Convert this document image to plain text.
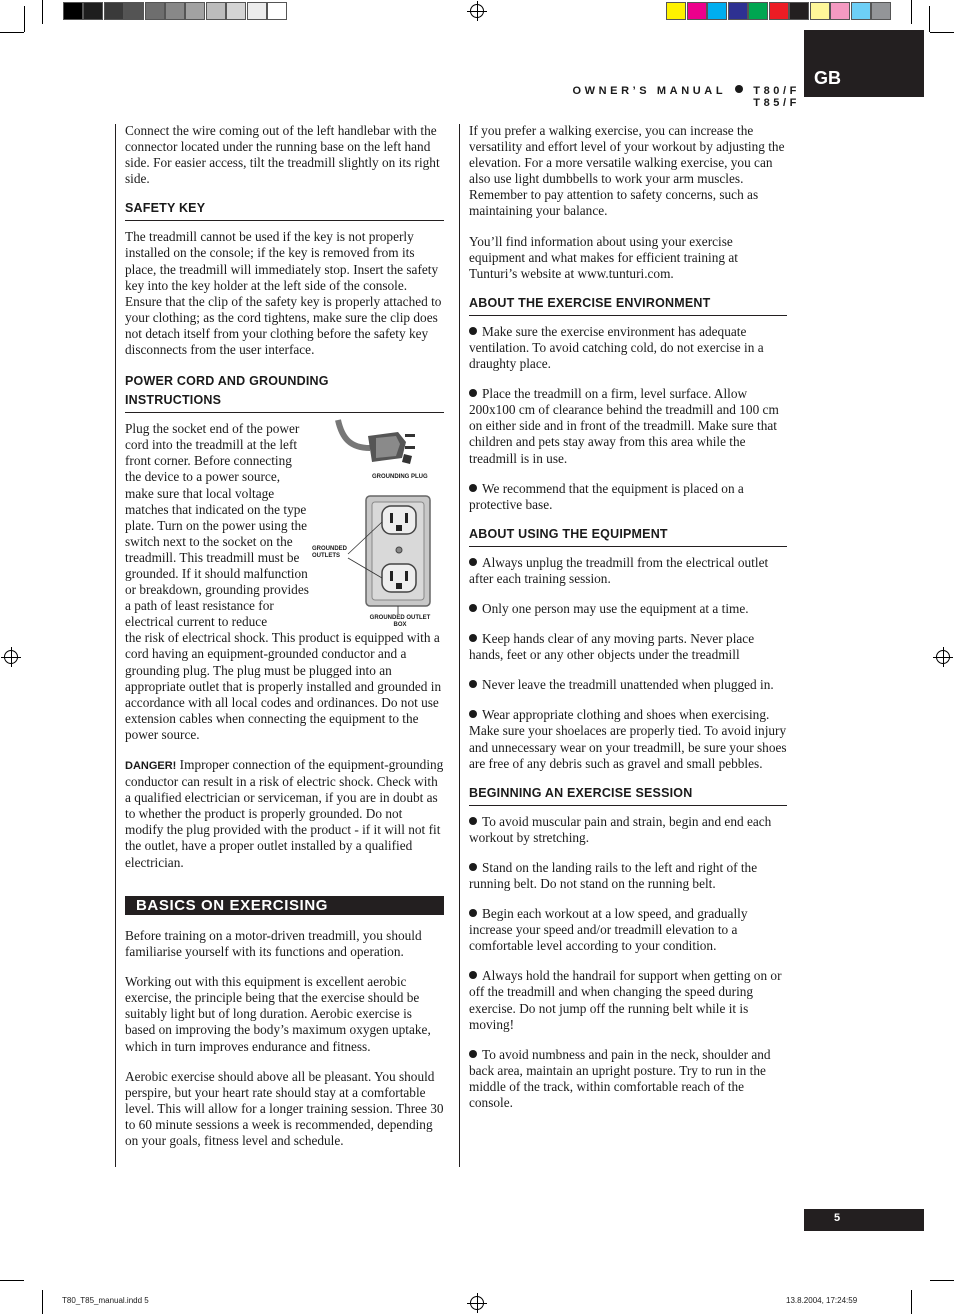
OWNER’S MANUAL T80/F T85/F
GB

Connect the wire coming out of the left handlebar with the connector located under the running base on the left hand side. For easier access, tilt the treadmill slightly on its right side.

SAFETY KEY

The treadmill cannot be used if the key is not properly installed on the console; if the key is removed from its place, the treadmill will immediately stop. Insert the safety key into the key holder at the left side of the console. Ensure that the clip of the safety key is properly attached to your clothing; as the cord tightens, make sure the clip does not detach itself from your clothing before the safety key disconnects from the user interface.

POWER CORD AND GROUNDING
INSTRUCTIONS

Plug the socket end of the power cord into the treadmill at the left front corner. Before connecting the device to a power source, make sure that local voltage matches that indicated on the type plate. Turn on the power using the switch next to the socket on the treadmill. This treadmill must be grounded. If it should malfunction or breakdown, grounding provides a path of least resistance for electrical current to reduce

the risk of electrical shock. This product is equipped with a cord having an equipment-grounded conductor and a grounding plug. The plug must be plugged into an appropriate outlet that is properly installed and grounded in accordance with all local codes and ordinances. Do not use extension cables when connecting the equipment to the power source.

DANGER! Improper connection of the equipment-grounding conductor can result in a risk of electric shock. Check with a qualified electrician or serviceman, if you are in doubt as to whether the product is properly grounded. Do not modify the plug provided with the product - if it will not fit the outlet, have a proper outlet installed by a qualified electrician.

GROUNDING PLUG
GROUNDED OUTLETS
GROUNDED OUTLET BOX
BASICS ON EXERCISING

Before training on a motor-driven treadmill, you should familiarise yourself with its functions and operation.

Working out with this equipment is excellent aerobic exercise, the principle being that the exercise should be suitably light but of long duration. Aerobic exercise is based on improving the body’s maximum oxygen uptake, which in turn improves endurance and fitness.

Aerobic exercise should above all be pleasant. You should perspire, but your heart rate should stay at a comfortable level. This will allow for a longer training session. Three 30 to 60 minute sessions a week is recommended, depending on your goals, fitness level and schedule.

If you prefer a walking exercise, you can increase the versatility and effort level of your workout by adjusting the elevation. For a more versatile walking exercise, you can also use light dumbbells to work your arm muscles. Remember to pay attention to safety concerns, such as maintaining your balance.

You’ll find information about using your exercise equipment and what makes for efficient training at Tunturi’s website at www.tunturi.com.

ABOUT THE EXERCISE ENVIRONMENT

Make sure the exercise environment has adequate ventilation. To avoid catching cold, do not exercise in a draughty place.

Place the treadmill on a firm, level surface. Allow 200x100 cm of clearance behind the treadmill and 100 cm on either side and in front of the treadmill. Make sure that children and pets stay away from this area while the treadmill is in use.

We recommend that the equipment is placed on a protective base.

ABOUT USING THE EQUIPMENT

Always unplug the treadmill from the electrical outlet after each training session.

Only one person may use the equipment at a time.

Keep hands clear of any moving parts. Never place hands, feet or any other objects under the treadmill

Never leave the treadmill unattended when plugged in.

Wear appropriate clothing and shoes when exercising. Make sure your shoelaces are properly tied. To avoid injury and unnecessary wear on your treadmill, be sure your shoes are free of any debris such as gravel and small pebbles.

BEGINNING AN EXERCISE SESSION

To avoid muscular pain and strain, begin and end each workout by stretching.

Stand on the landing rails to the left and right of the running belt. Do not stand on the running belt.

Begin each workout at a low speed, and gradually increase your speed and/or treadmill elevation to a comfortable level according to your condition.

Always hold the handrail for support when getting on or off the treadmill and when changing the speed during exercise. Do not jump off the running belt while it is moving!

To avoid numbness and pain in the neck, shoulder and back area, maintain an upright posture. Try to run in the middle of the track, within comfortable reach of the console.

5
T80_T85_manual.indd 5	13.8.2004, 17:24:59
